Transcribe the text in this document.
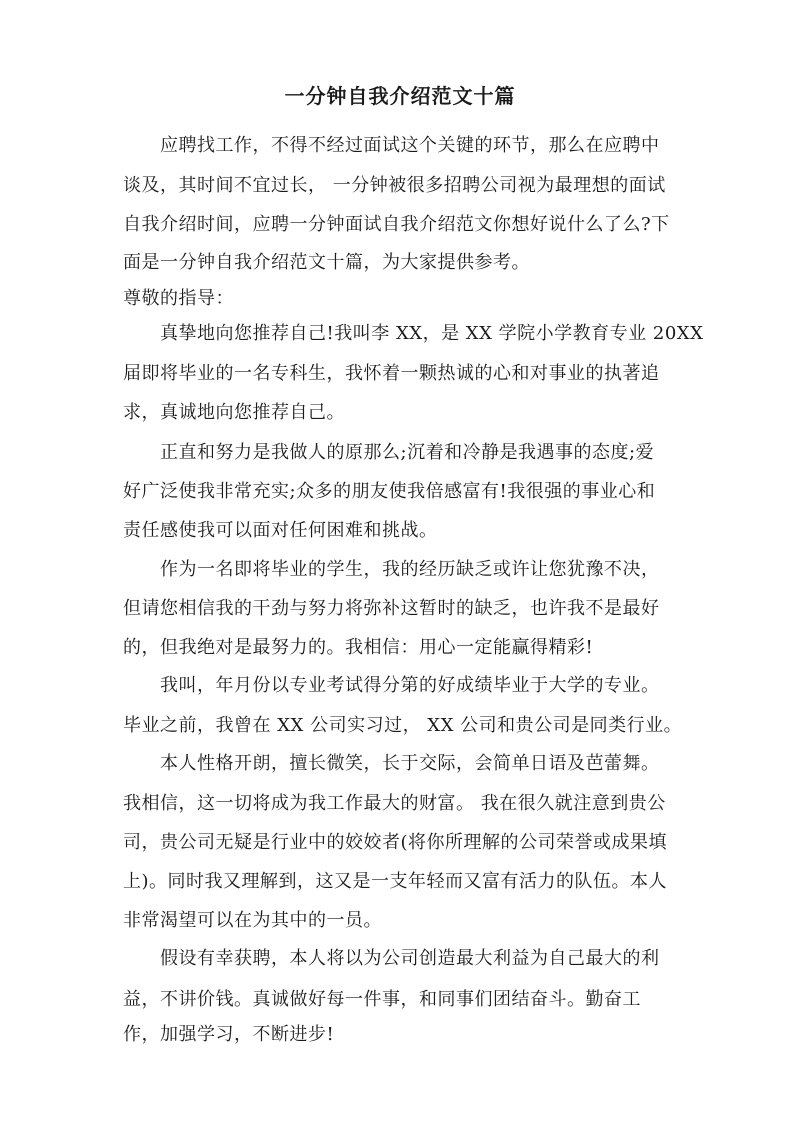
一分钟自我介绍范文十篇
应聘找工作，不得不经过面试这个关键的环节，那么在应聘中
谈及，其时间不宜过长， 一分钟被很多招聘公司视为最理想的面试
自我介绍时间，应聘一分钟面试自我介绍范文你想好说什么了么?下
面是一分钟自我介绍范文十篇，为大家提供参考。
尊敬的指导：
真挚地向您推荐自己!我叫李 XX，是 XX 学院小学教育专业 20XX
届即将毕业的一名专科生，我怀着一颗热诚的心和对事业的执著追
求，真诚地向您推荐自己。
正直和努力是我做人的原那么;沉着和冷静是我遇事的态度;爱
好广泛使我非常充实;众多的朋友使我倍感富有!我很强的事业心和
责任感使我可以面对任何困难和挑战。
作为一名即将毕业的学生，我的经历缺乏或许让您犹豫不决，
但请您相信我的干劲与努力将弥补这暂时的缺乏，也许我不是最好
的，但我绝对是最努力的。我相信：用心一定能赢得精彩!
我叫，年月份以专业考试得分第的好成绩毕业于大学的专业。
毕业之前，我曾在 XX 公司实习过， XX 公司和贵公司是同类行业。
本人性格开朗，擅长微笑，长于交际，会简单日语及芭蕾舞。
我相信，这一切将成为我工作最大的财富。 我在很久就注意到贵公
司，贵公司无疑是行业中的姣姣者(将你所理解的公司荣誉或成果填
上)。同时我又理解到，这又是一支年轻而又富有活力的队伍。本人
非常渴望可以在为其中的一员。
假设有幸获聘，本人将以为公司创造最大利益为自己最大的利
益，不讲价钱。真诚做好每一件事，和同事们团结奋斗。勤奋工
作，加强学习，不断进步!
